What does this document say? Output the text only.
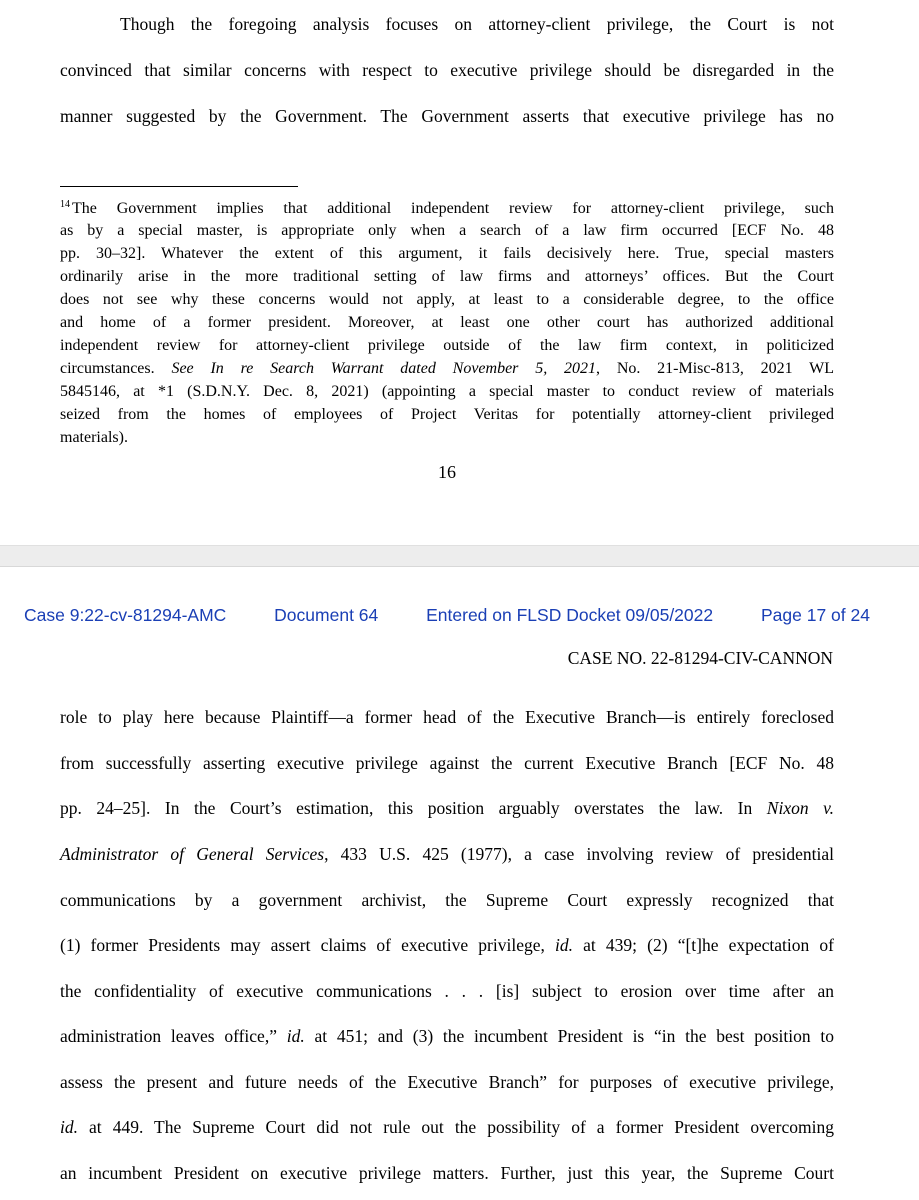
Though the foregoing analysis focuses on attorney-client privilege, the Court is not
convinced that similar concerns with respect to executive privilege should be disregarded in the
manner suggested by the Government. The Government asserts that executive privilege has no
$^{14}$ The Government implies that additional independent review for attorney-client privilege, such
as by a special master, is appropriate only when a search of a law firm occurred [ECF No. 48
pp. 30–32]. Whatever the extent of this argument, it fails decisively here. True, special masters
ordinarily arise in the more traditional setting of law firms and attorneys’ offices. But the Court
does not see why these concerns would not apply, at least to a considerable degree, to the office
and home of a former president. Moreover, at least one other court has authorized additional
independent review for attorney-client privilege outside of the law firm context, in politicized
circumstances. See In re Search Warrant dated November 5, 2021, No. 21-Misc-813, 2021 WL
5845146, at *1 (S.D.N.Y. Dec. 8, 2021) (appointing a special master to conduct review of materials
seized from the homes of employees of Project Veritas for potentially attorney-client privileged
materials).
16
Case 9:22-cv-81294-AMC	Document 64	Entered on FLSD Docket 09/05/2022	Page 17 of 24
CASE NO. 22-81294-CIV-CANNON
role to play here because Plaintiff—a former head of the Executive Branch—is entirely foreclosed
from successfully asserting executive privilege against the current Executive Branch [ECF No. 48
pp. 24–25]. In the Court’s estimation, this position arguably overstates the law. In Nixon v.
Administrator of General Services, 433 U.S. 425 (1977), a case involving review of presidential
communications by a government archivist, the Supreme Court expressly recognized that
(1) former Presidents may assert claims of executive privilege, id. at 439; (2) “[t]he expectation of
the confidentiality of executive communications . . . [is] subject to erosion over time after an
administration leaves office,” id. at 451; and (3) the incumbent President is “in the best position to
assess the present and future needs of the Executive Branch” for purposes of executive privilege,
id. at 449. The Supreme Court did not rule out the possibility of a former President overcoming
an incumbent President on executive privilege matters. Further, just this year, the Supreme Court
